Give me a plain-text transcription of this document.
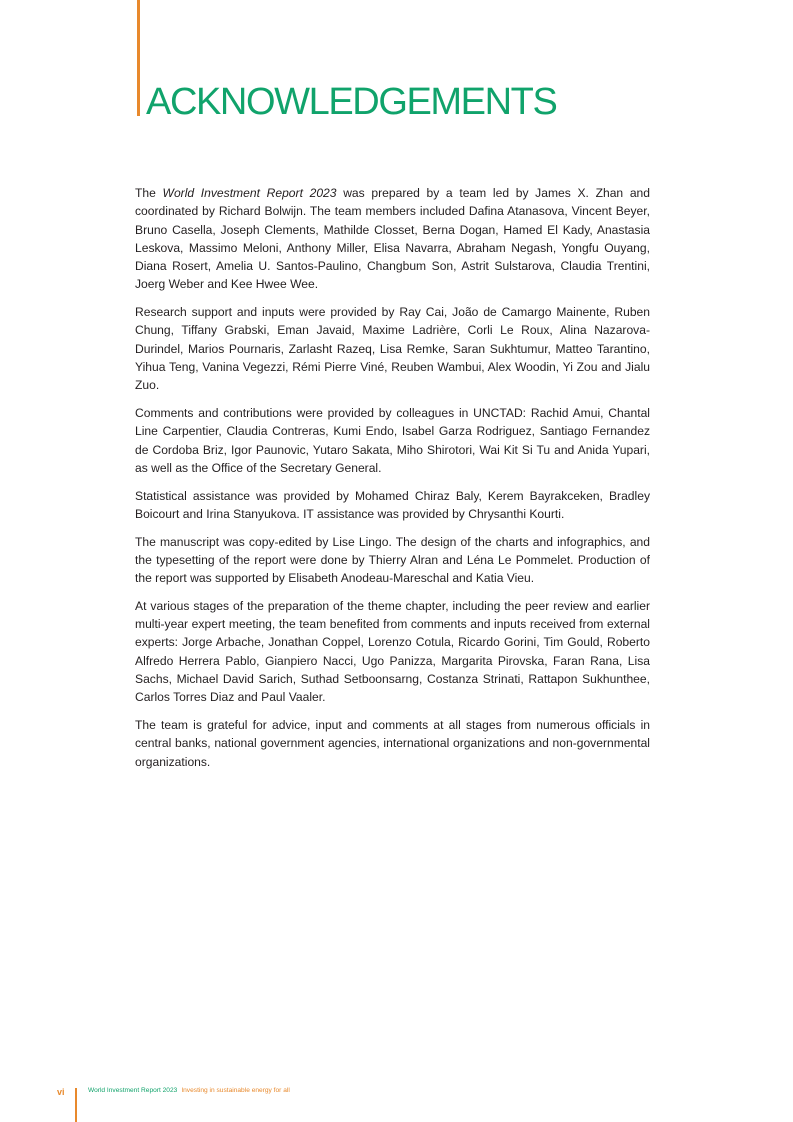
ACKNOWLEDGEMENTS

The World Investment Report 2023 was prepared by a team led by James X. Zhan and coordinated by Richard Bolwijn. The team members included Dafina Atanasova, Vincent Beyer, Bruno Casella, Joseph Clements, Mathilde Closset, Berna Dogan, Hamed El Kady, Anastasia Leskova, Massimo Meloni, Anthony Miller, Elisa Navarra, Abraham Negash, Yongfu Ouyang, Diana Rosert, Amelia U. Santos-Paulino, Changbum Son, Astrit Sulstarova, Claudia Trentini, Joerg Weber and Kee Hwee Wee.

Research support and inputs were provided by Ray Cai, João de Camargo Mainente, Ruben Chung, Tiffany Grabski, Eman Javaid, Maxime Ladrière, Corli Le Roux, Alina Nazarova-Durindel, Marios Pournaris, Zarlasht Razeq, Lisa Remke, Saran Sukhtumur, Matteo Tarantino, Yihua Teng, Vanina Vegezzi, Rémi Pierre Viné, Reuben Wambui, Alex Woodin, Yi Zou and Jialu Zuo.

Comments and contributions were provided by colleagues in UNCTAD: Rachid Amui, Chantal Line Carpentier, Claudia Contreras, Kumi Endo, Isabel Garza Rodriguez, Santiago Fernandez de Cordoba Briz, Igor Paunovic, Yutaro Sakata, Miho Shirotori, Wai Kit Si Tu and Anida Yupari, as well as the Office of the Secretary General.

Statistical assistance was provided by Mohamed Chiraz Baly, Kerem Bayrakceken, Bradley Boicourt and Irina Stanyukova. IT assistance was provided by Chrysanthi Kourti.

The manuscript was copy-edited by Lise Lingo. The design of the charts and infographics, and the typesetting of the report were done by Thierry Alran and Léna Le Pommelet. Production of the report was supported by Elisabeth Anodeau-Mareschal and Katia Vieu.

At various stages of the preparation of the theme chapter, including the peer review and earlier multi-year expert meeting, the team benefited from comments and inputs received from external experts: Jorge Arbache, Jonathan Coppel, Lorenzo Cotula, Ricardo Gorini, Tim Gould, Roberto Alfredo Herrera Pablo, Gianpiero Nacci, Ugo Panizza, Margarita Pirovska, Faran Rana, Lisa Sachs, Michael David Sarich, Suthad Setboonsarng, Costanza Strinati, Rattapon Sukhunthee, Carlos Torres Diaz and Paul Vaaler.

The team is grateful for advice, input and comments at all stages from numerous officials in central banks, national government agencies, international organizations and non-governmental organizations.

vi	World Investment Report 2023 Investing in sustainable energy for all
